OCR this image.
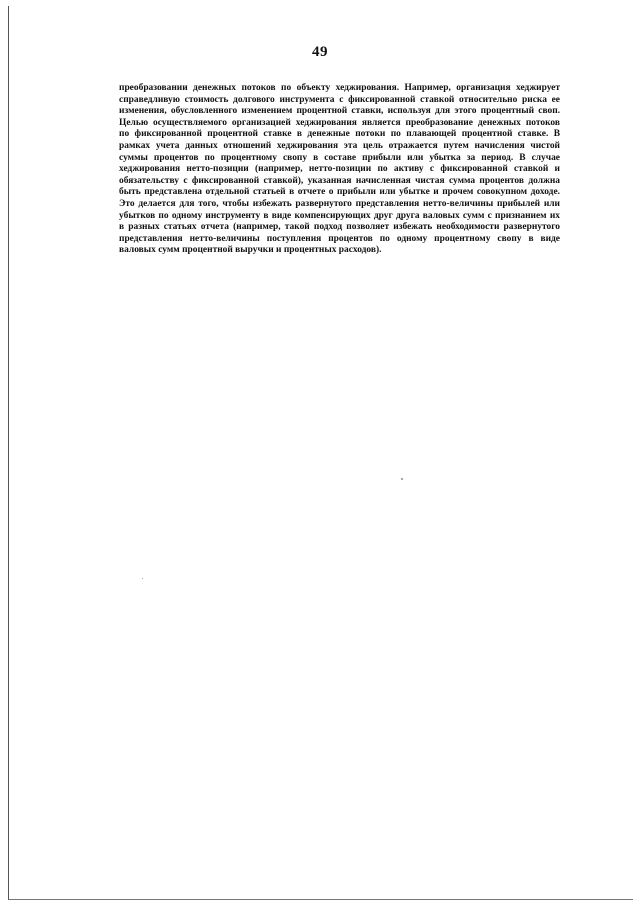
49
преобразовании денежных потоков по объекту хеджирования. Например, организация хеджирует
справедливую стоимость долгового инструмента с фиксированной ставкой относительно риска ее
изменения, обусловленного изменением процентной ставки, используя для этого процентный своп.
Целью осуществляемого организацией хеджирования является преобразование денежных потоков
по фиксированной процентной ставке в денежные потоки по плавающей процентной ставке. В
рамках учета данных отношений хеджирования эта цель отражается путем начисления чистой
суммы процентов по процентному свопу в составе прибыли или убытка за период. В случае
хеджирования нетто-позиции (например, нетто-позиции по активу с фиксированной ставкой и
обязательству с фиксированной ставкой), указанная начисленная чистая сумма процентов должна
быть представлена отдельной статьей в отчете о прибыли или убытке и прочем совокупном доходе.
Это делается для того, чтобы избежать развернутого представления нетто-величины прибылей или
убытков по одному инструменту в виде компенсирующих друг друга валовых сумм с признанием их
в разных статьях отчета (например, такой подход позволяет избежать необходимости развернутого
представления нетто-величины поступления процентов по одному процентному свопу в виде
валовых сумм процентной выручки и процентных расходов).
